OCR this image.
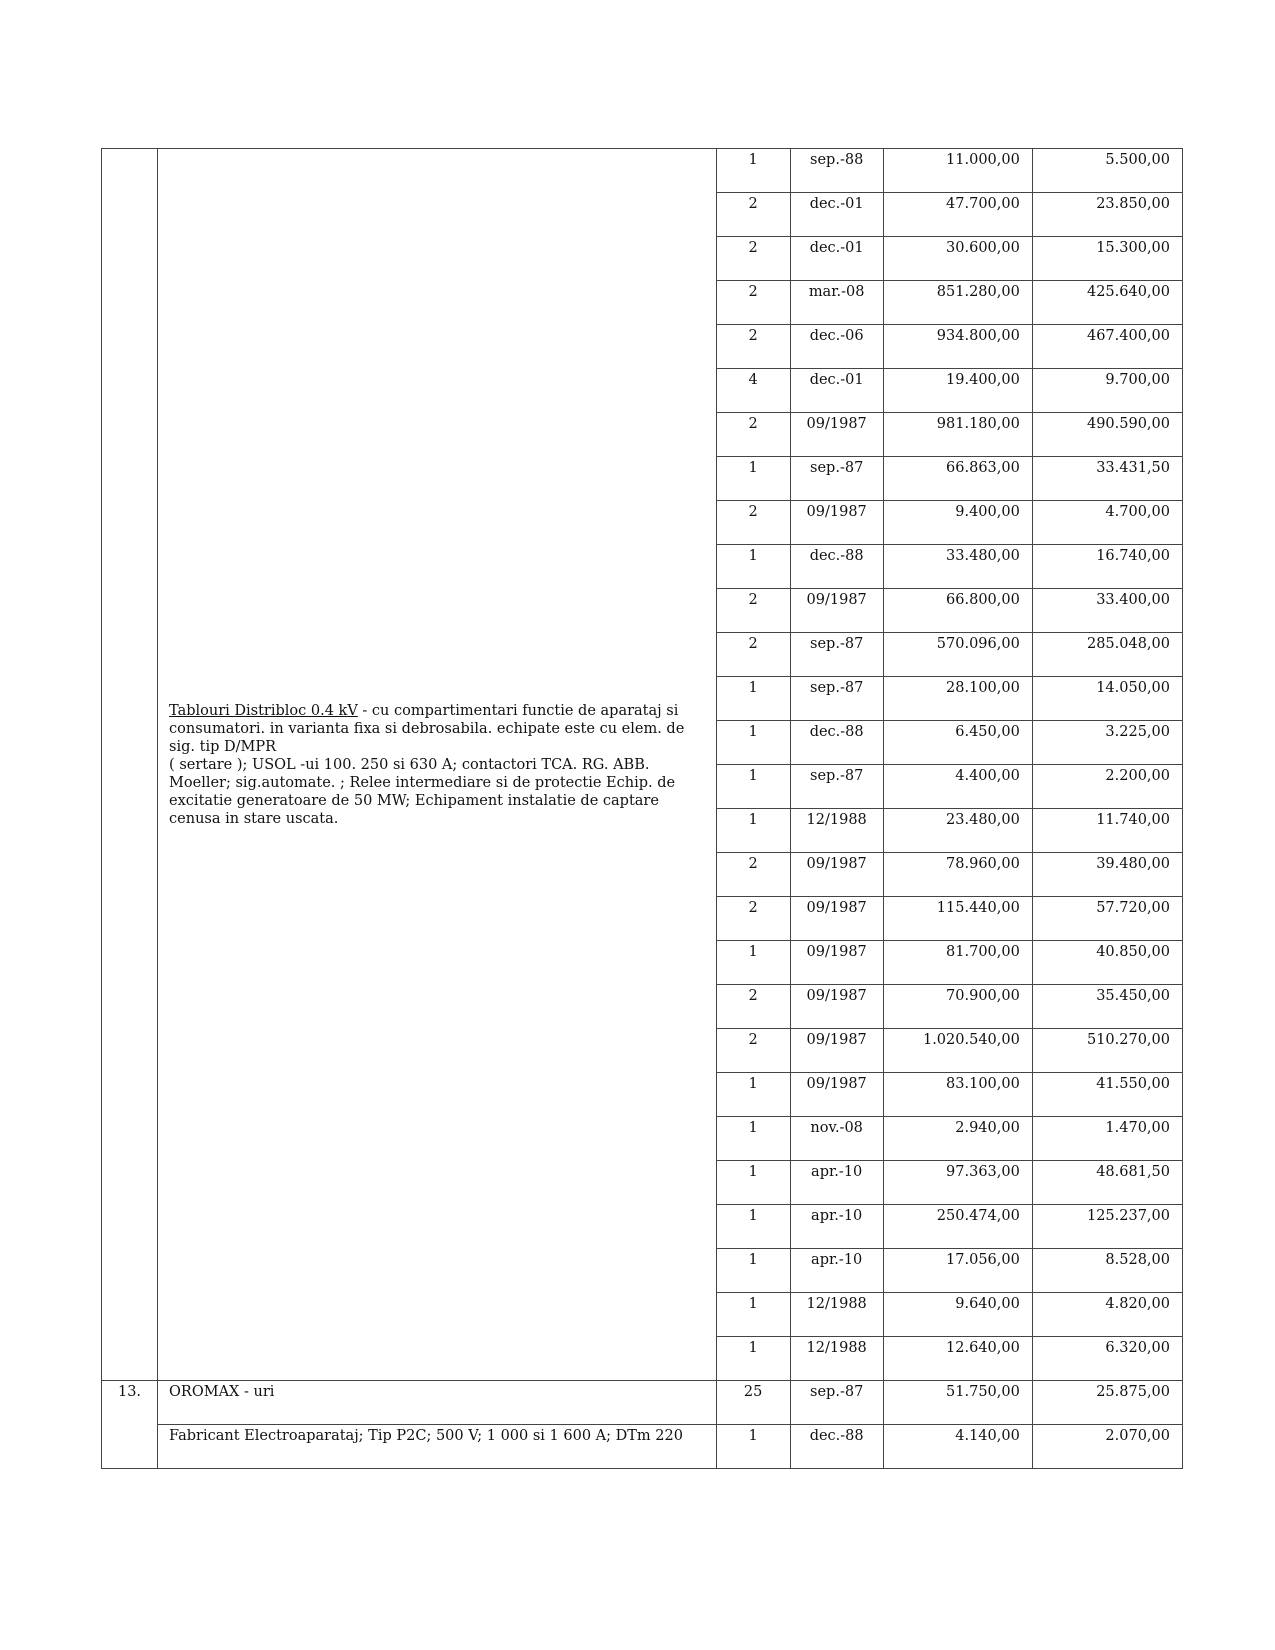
	Tablouri Distribloc 0.4 kV - cu compartimentari functie de aparataj si consumatori. in varianta fixa si debrosabila. echipate este cu elem. de sig. tip D/MPR
( sertare ); USOL -ui 100. 250 si 630 A; contactori TCA. RG. ABB. Moeller; sig.automate. ; Relee intermediare si de protectie Echip. de excitatie generatoare de 50 MW; Echipament instalatie de captare cenusa in stare uscata.	1	sep.-88	11.000,00	5.500,00
		2	dec.-01	47.700,00	23.850,00
		2	dec.-01	30.600,00	15.300,00
		2	mar.-08	851.280,00	425.640,00
		2	dec.-06	934.800,00	467.400,00
		4	dec.-01	19.400,00	9.700,00
		2	09/1987	981.180,00	490.590,00
		1	sep.-87	66.863,00	33.431,50
		2	09/1987	9.400,00	4.700,00
		1	dec.-88	33.480,00	16.740,00
		2	09/1987	66.800,00	33.400,00
		2	sep.-87	570.096,00	285.048,00
		1	sep.-87	28.100,00	14.050,00
		1	dec.-88	6.450,00	3.225,00
		1	sep.-87	4.400,00	2.200,00
		1	12/1988	23.480,00	11.740,00
		2	09/1987	78.960,00	39.480,00
		2	09/1987	115.440,00	57.720,00
		1	09/1987	81.700,00	40.850,00
		2	09/1987	70.900,00	35.450,00
		2	09/1987	1.020.540,00	510.270,00
		1	09/1987	83.100,00	41.550,00
		1	nov.-08	2.940,00	1.470,00
		1	apr.-10	97.363,00	48.681,50
		1	apr.-10	250.474,00	125.237,00
		1	apr.-10	17.056,00	8.528,00
		1	12/1988	9.640,00	4.820,00
		1	12/1988	12.640,00	6.320,00
13.	OROMAX - uri	25	sep.-87	51.750,00	25.875,00
	Fabricant Electroaparataj; Tip P2C; 500 V; 1 000 si 1 600 A; DTm 220	1	dec.-88	4.140,00	2.070,00
